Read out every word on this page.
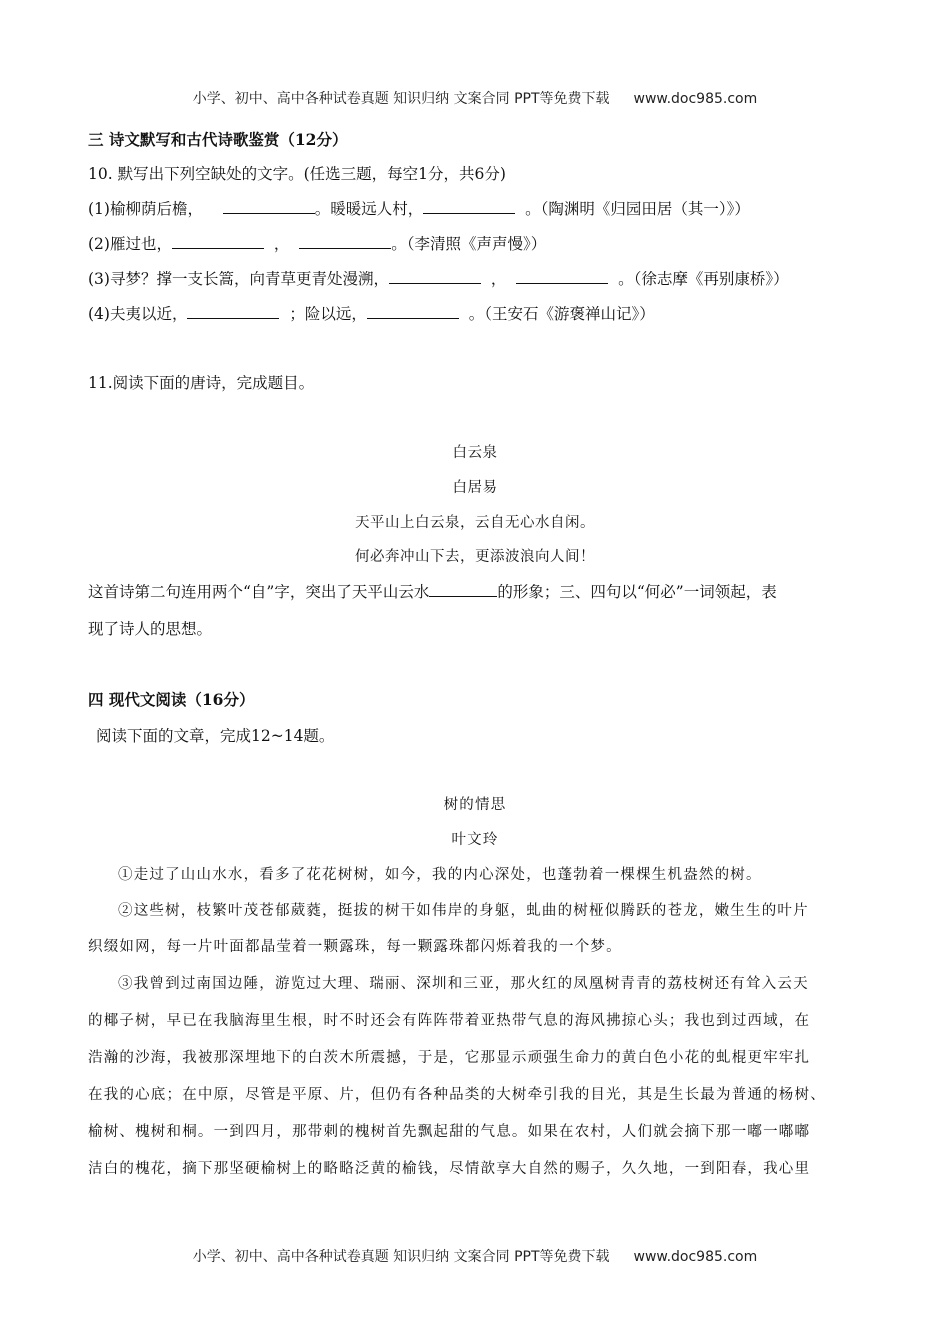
小学、初中、高中各种试卷真题 知识归纳 文案合同 PPT等免费下载 www.doc985.com
三 诗文默写和古代诗歌鉴赏（12分）
10. 默写出下列空缺处的文字。(任选三题，每空1分，共6分)
(1)榆柳荫后檐，	。暖暖远人村，	。（陶渊明《归园田居（其一）》）
(2)雁过也，	，	。（李清照《声声慢》）
(3)寻梦？撑一支长篙，向青草更青处漫溯，	，	。（徐志摩《再别康桥》）
(4)夫夷以近，	；险以远，	。（王安石《游褒禅山记》）
11.阅读下面的唐诗，完成题目。
白云泉
白居易
天平山上白云泉，云自无心水自闲。
何必奔冲山下去，更添波浪向人间！
这首诗第二句连用两个“自”字，突出了天平山云水	的形象；三、四句以“何必”一词领起，表
现了诗人的思想。
四 现代文阅读（16分）
阅读下面的文章，完成12~14题。
树的情思
叶文玲
①走过了山山水水，看多了花花树树，如今，我的内心深处，也蓬勃着一棵棵生机盎然的树。
②这些树，枝繁叶茂苍郁葳蕤，挺拔的树干如伟岸的身躯，虬曲的树桠似腾跃的苍龙，嫩生生的叶片
织缀如网，每一片叶面都晶莹着一颗露珠，每一颗露珠都闪烁着我的一个梦。
③我曾到过南国边陲，游览过大理、瑞丽、深圳和三亚，那火红的凤凰树青青的荔枝树还有耸入云天
的椰子树，早已在我脑海里生根，时不时还会有阵阵带着亚热带气息的海风拂掠心头；我也到过西域，在
浩瀚的沙海，我被那深埋地下的白茨木所震撼，于是，它那显示顽强生命力的黄白色小花的虬棍更牢牢扎
在我的心底；在中原，尽管是平原、片，但仍有各种品类的大树牵引我的目光，其是生长最为普通的杨树、
榆树、槐树和桐。一到四月，那带刺的槐树首先飘起甜的气息。如果在农村，人们就会摘下那一嘟一嘟嘟
洁白的槐花，摘下那坚硬榆树上的略略泛黄的榆钱，尽情歆享大自然的赐子，久久地，一到阳春，我心里
小学、初中、高中各种试卷真题 知识归纳 文案合同 PPT等免费下载 www.doc985.com
